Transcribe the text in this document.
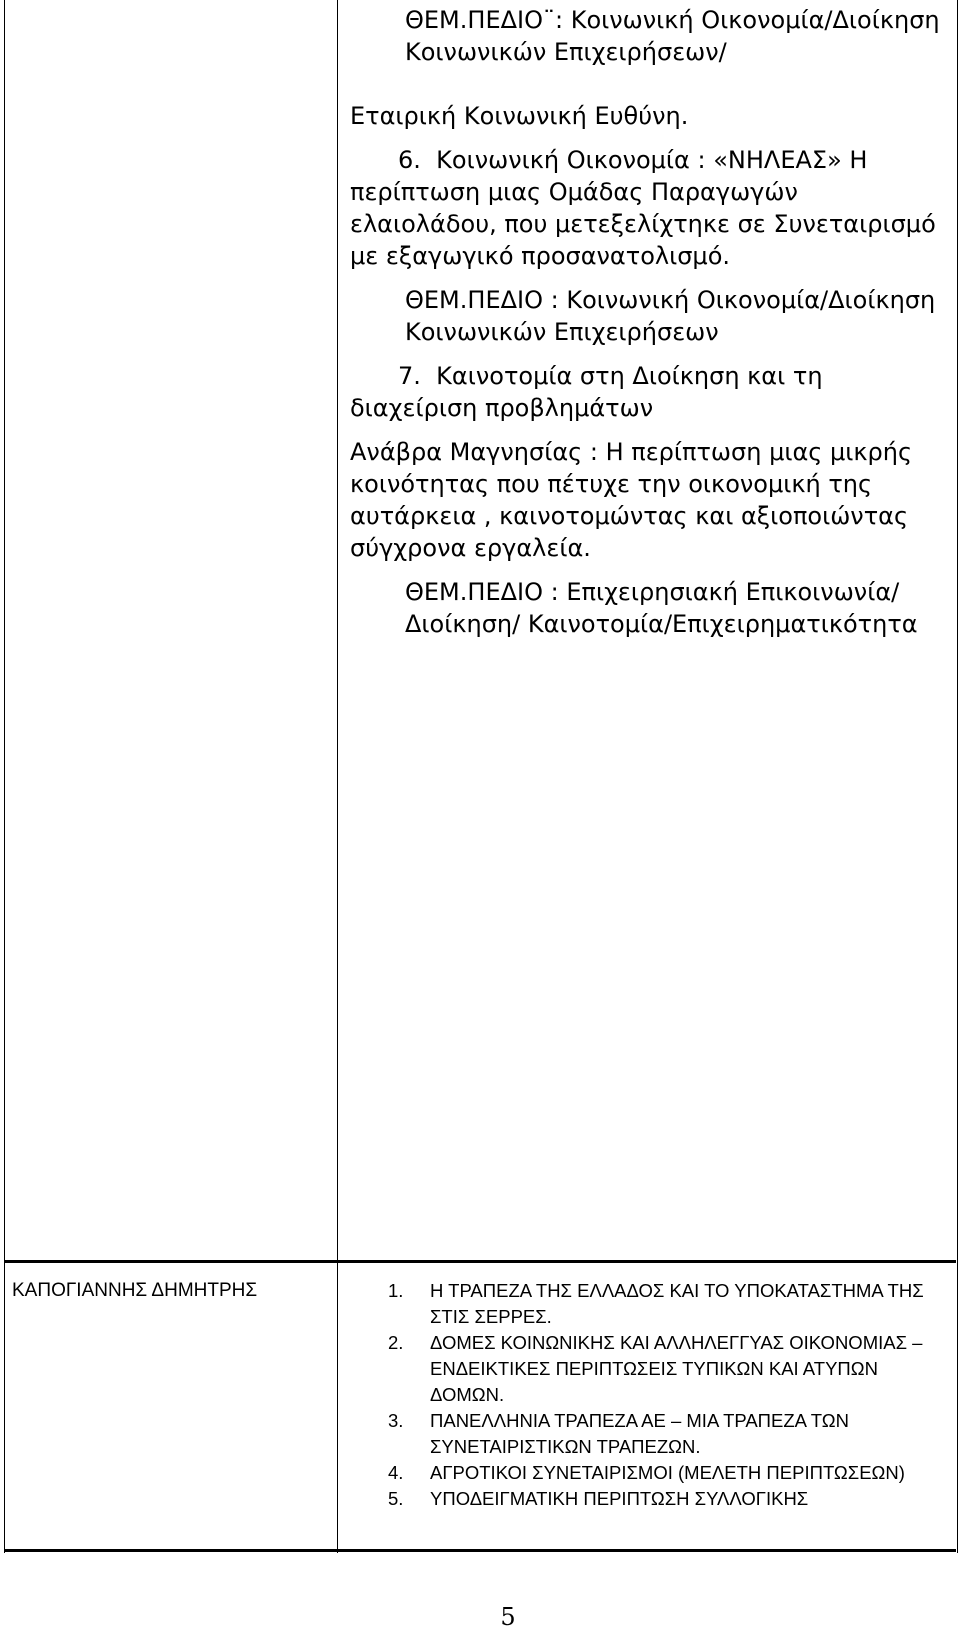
ΘΕΜ.ΠΕΔΙΟ¨: Κοινωνική Οικονομία/Διοίκηση Κοινωνικών Επιχειρήσεων/

Εταιρική Κοινωνική Ευθύνη.

6. Κοινωνική Οικονομία : «ΝΗΛΕΑΣ» Η περίπτωση μιας Ομάδας Παραγωγών ελαιολάδου, που μετεξελίχτηκε σε Συνεταιρισμό με εξαγωγικό προσανατολισμό.

ΘΕΜ.ΠΕΔΙΟ : Κοινωνική Οικονομία/Διοίκηση Κοινωνικών Επιχειρήσεων

7. Καινοτομία στη Διοίκηση και τη διαχείριση προβλημάτων

Ανάβρα Μαγνησίας : Η περίπτωση μιας μικρής κοινότητας που πέτυχε την οικονομική της αυτάρκεια , καινοτομώντας και αξιοποιώντας σύγχρονα εργαλεία.

ΘΕΜ.ΠΕΔΙΟ : Επιχειρησιακή Επικοινωνία/Διοίκηση/ Καινοτομία/Επιχειρηματικότητα

ΚΑΠΟΓΙΑΝΝΗΣ ΔΗΜΗΤΡΗΣ	1. Η ΤΡΑΠΕΖΑ ΤΗΣ ΕΛΛΑΔΟΣ ΚΑΙ ΤΟ ΥΠΟΚΑΤΑΣΤΗΜΑ ΤΗΣ ΣΤΙΣ ΣΕΡΡΕΣ.
2. ΔΟΜΕΣ ΚΟΙΝΩΝΙΚΗΣ ΚΑΙ ΑΛΛΗΛΕΓΓΥΑΣ ΟΙΚΟΝΟΜΙΑΣ – ΕΝΔΕΙΚΤΙΚΕΣ ΠΕΡΙΠΤΩΣΕΙΣ ΤΥΠΙΚΩΝ ΚΑΙ ΑΤΥΠΩΝ ΔΟΜΩΝ.
3. ΠΑΝΕΛΛΗΝΙΑ ΤΡΑΠΕΖΑ ΑΕ – ΜΙΑ ΤΡΑΠΕΖΑ ΤΩΝ ΣΥΝΕΤΑΙΡΙΣΤΙΚΩΝ ΤΡΑΠΕΖΩΝ.
4. ΑΓΡΟΤΙΚΟΙ ΣΥΝΕΤΑΙΡΙΣΜΟΙ (ΜΕΛΕΤΗ ΠΕΡΙΠΤΩΣΕΩΝ)
5. ΥΠΟΔΕΙΓΜΑΤΙΚΗ ΠΕΡΙΠΤΩΣΗ ΣΥΛΛΟΓΙΚΗΣ
5
